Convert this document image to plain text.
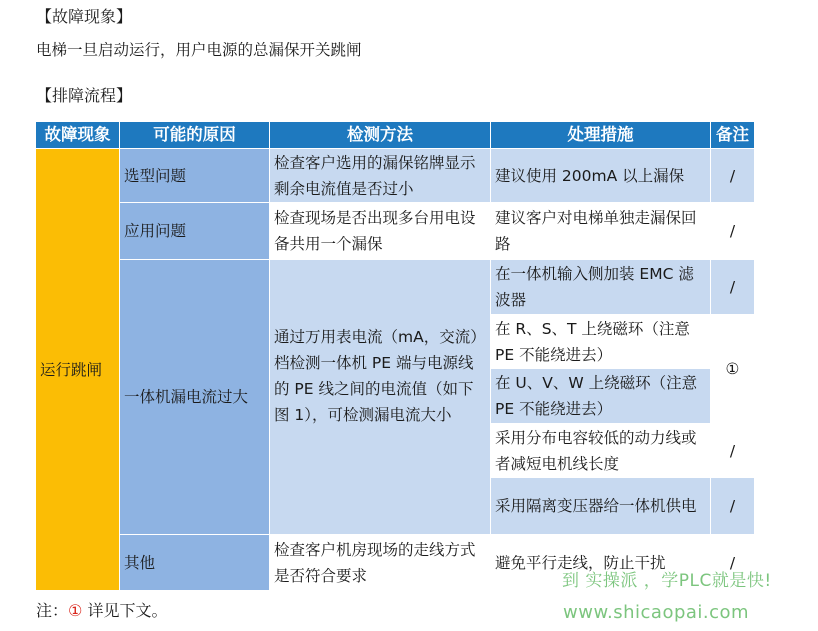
【故障现象】
电梯一旦启动运行，用户电源的总漏保开关跳闸
【排障流程】
故障现象	可能的原因	检测方法	处理措施	备注
运行跳闸	选型问题	检查客户选用的漏保铭牌显示剩余电流值是否过小	建议使用 200mA 以上漏保	/
	应用问题	检查现场是否出现多台用电设备共用一个漏保	建议客户对电梯单独走漏保回路	/
	一体机漏电流过大	通过万用表电流（mA，交流）档检测一体机 PE 端与电源线的 PE 线之间的电流值（如下图 1），可检测漏电流大小	在一体机输入侧加装 EMC 滤波器	/
			在 R、S、T 上绕磁环（注意 PE 不能绕进去）	①
			在 U、V、W 上绕磁环（注意 PE 不能绕进去）	
			采用分布电容较低的动力线或者减短电机线长度	/
			采用隔离变压器给一体机供电	/
	其他	检查客户机房现场的走线方式是否符合要求	避免平行走线，防止干扰	/
注：① 详见下文。
到 实操派 ，学PLC就是快!
www.shicaopai.com
